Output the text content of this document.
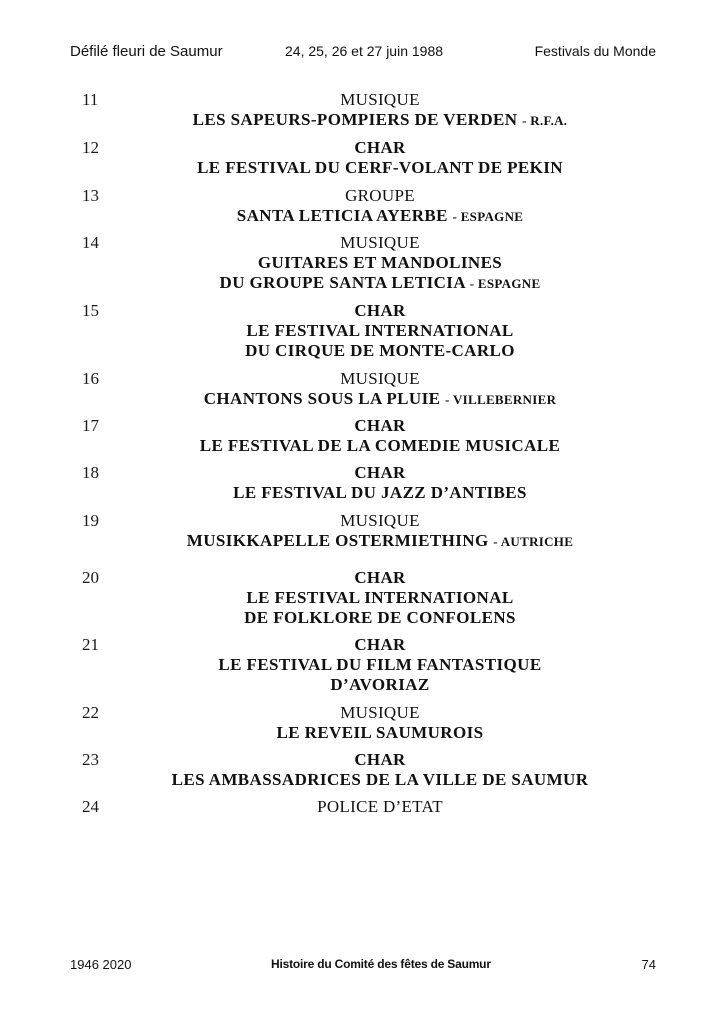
Défilé fleuri de Saumur	24, 25, 26 et 27 juin 1988	Festivals du Monde
11	MUSIQUE
LES SAPEURS-POMPIERS DE VERDEN - R.F.A.
12	CHAR
LE FESTIVAL DU CERF-VOLANT DE PEKIN
13	GROUPE
SANTA LETICIA AYERBE - ESPAGNE
14	MUSIQUE
GUITARES ET MANDOLINES
DU GROUPE SANTA LETICIA - ESPAGNE
15	CHAR
LE FESTIVAL INTERNATIONAL
DU CIRQUE DE MONTE-CARLO
16	MUSIQUE
CHANTONS SOUS LA PLUIE - VILLEBERNIER
17	CHAR
LE FESTIVAL DE LA COMEDIE MUSICALE
18	CHAR
LE FESTIVAL DU JAZZ D’ANTIBES
19	MUSIQUE
MUSIKKAPELLE OSTERMIETHING - AUTRICHE
20	CHAR
LE FESTIVAL INTERNATIONAL
DE FOLKLORE DE CONFOLENS
21	CHAR
LE FESTIVAL DU FILM FANTASTIQUE
D’AVORIAZ
22	MUSIQUE
LE REVEIL SAUMUROIS
23	CHAR
LES AMBASSADRICES DE LA VILLE DE SAUMUR
24	POLICE D’ETAT
1946 2020	Histoire du Comité des fêtes de Saumur	74
